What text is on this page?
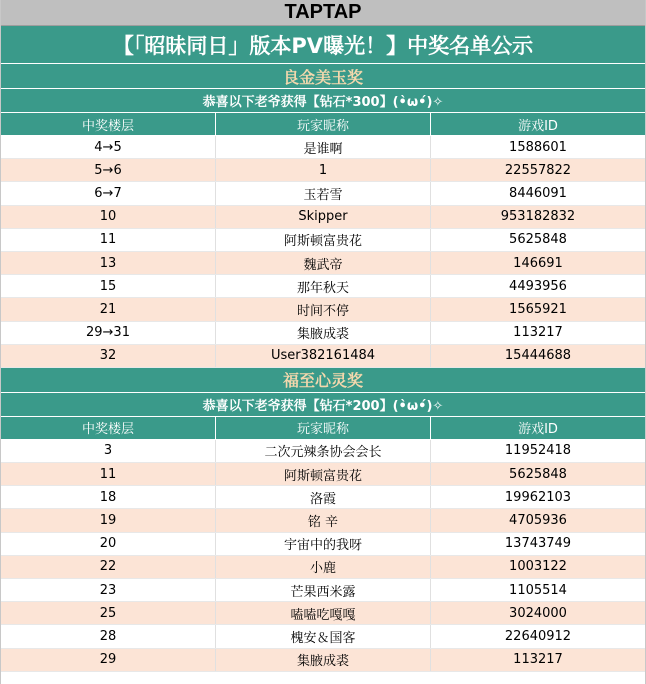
TAPTAP
【「昭昧同日」版本PV曝光！】中奖名单公示
良金美玉奖
恭喜以下老爷获得【钻石*300】(•̀ω•́)✧
中奖楼层	玩家昵称	游戏ID
4→5	是谁啊	1588601
5→6	1	22557822
6→7	玉若雪	8446091
10	Skipper	953182832
11	阿斯顿富贵花	5625848
13	魏武帝	146691
15	那年秋天	4493956
21	时间不停	1565921
29→31	集腋成裘	113217
32	User382161484	15444688
福至心灵奖
恭喜以下老爷获得【钻石*200】(•̀ω•́)✧
中奖楼层	玩家昵称	游戏ID
3	二次元辣条协会会长	11952418
11	阿斯顿富贵花	5625848
18	洛霞	19962103
19	铭 辛	4705936
20	宇宙中的我呀	13743749
22	小鹿	1003122
23	芒果西米露	1105514
25	嗑嗑吃嘎嘎	3024000
28	槐安＆国客	22640912
29	集腋成裘	113217
